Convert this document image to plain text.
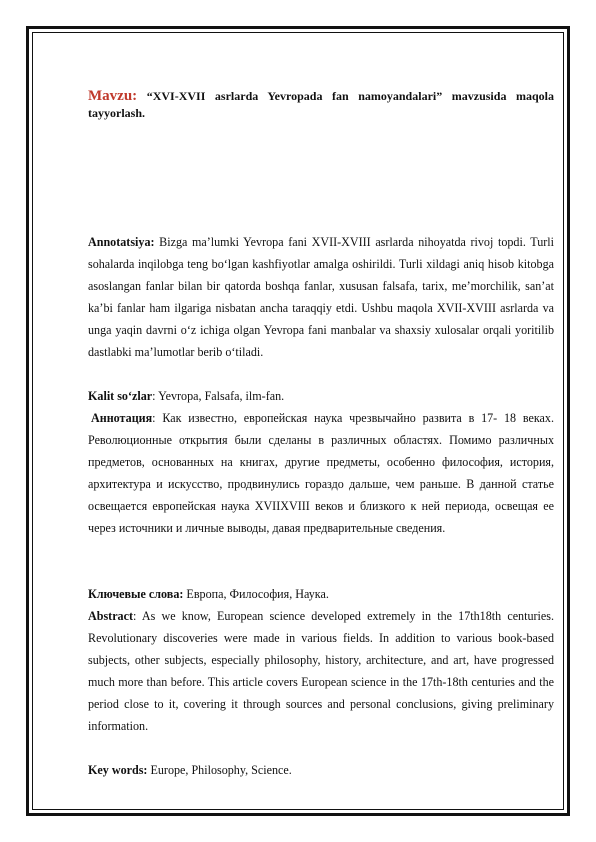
Mavzu: “XVI-XVII asrlarda Yevropada fan namoyandalari” mavzusida maqola tayyorlash.

Annotatsiya: Bizga ma’lumki Yevropa fani XVII-XVIII asrlarda nihoyatda rivoj topdi. Turli sohalarda inqilobga teng bo‘lgan kashfiyotlar amalga oshirildi. Turli xildagi aniq hisob kitobga asoslangan fanlar bilan bir qatorda boshqa fanlar, xususan falsafa, tarix, me’morchilik, san’at ka’bi fanlar ham ilgariga nisbatan ancha taraqqiy etdi. Ushbu maqola XVII-XVIII asrlarda va unga yaqin davrni o‘z ichiga olgan Yevropa fani manbalar va shaxsiy xulosalar orqali yoritilib dastlabki ma’lumotlar berib o‘tiladi.

Kalit so‘zlar: Yevropa, Falsafa, ilm-fan.

Аннотация: Как известно, европейская наука чрезвычайно развита в 17- 18 веках. Революционные открытия были сделаны в различных областях. Помимо различных предметов, основанных на книгах, другие предметы, особенно философия, история, архитектура и искусство, продвинулись гораздо дальше, чем раньше. В данной статье освещается европейская наука XVIIXVIII веков и близкого к ней периода, освещая ее через источники и личные выводы, давая предварительные сведения.

Ключевые слова: Европа, Философия, Наука.

Abstract: As we know, European science developed extremely in the 17th18th centuries. Revolutionary discoveries were made in various fields. In addition to various book-based subjects, other subjects, especially philosophy, history, architecture, and art, have progressed much more than before. This article covers European science in the 17th-18th centuries and the period close to it, covering it through sources and personal conclusions, giving preliminary information.

Key words: Europe, Philosophy, Science.
